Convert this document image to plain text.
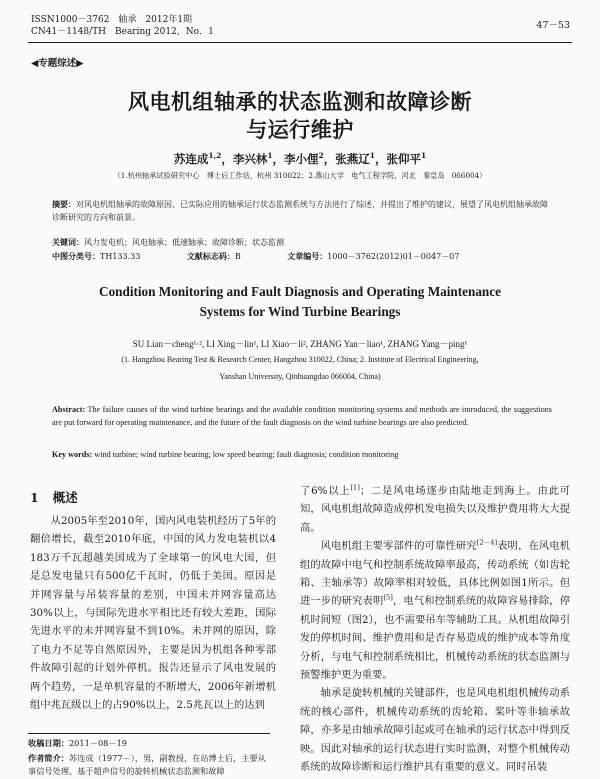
ISSN1000－3762　轴承　2012年1期
CN41－1148/TH　Bearing 2012，No．1
47－53
◀专题综述▶
风电机组轴承的状态监测和故障诊断
与运行维护
苏连成$^{1,2}$，李兴林$^1$，李小俚$^2$，张燕辽$^1$，张仰平$^1$
（1.杭州轴承试验研究中心　博士后工作站，杭州 310022；2.燕山大学　电气工程学院，河北　秦皇岛　066004）
摘要：对风电机组轴承的故障原因、已实际应用的轴承运行状态监测系统与方法进行了综述，并提出了维护的建议，展望了风电机组轴承故障诊断研究的方向和前景。
关键词：风力发电机；风电轴承；低速轴承；故障诊断；状态监测
中图分类号：TH133.33	文献标志码：B	文章编号：1000－3762(2012)01－0047－07
Condition Monitoring and Fault Diagnosis and Operating Maintenance
Systems for Wind Turbine Bearings
SU Lian－cheng¹·², LI Xing－lin¹, LI Xiao－li², ZHANG Yan－liao¹, ZHANG Yang－ping¹
(1. Hangzhou Bearing Test & Research Center, Hangzhou 310022, China; 2. Institute of Electrical Engineering,
Yanshan University, Qinhuangdao 066004, China)
Abstract: The failure causes of the wind turbine bearings and the available condition monitoring systems and methods are introduced, the suggestions are put forward for operating maintenance, and the future of the fault diagnosis on the wind turbine bearings are also predicted.
Key words: wind turbine; wind turbine bearing; low speed bearing; fault diagnosis; condition monitoring
1 概述

从2005年至2010年，国内风电装机经历了5年的翻倍增长，截至2010年底，中国的风力发电装机以4 183万千瓦超越美国成为了全球第一的风电大国，但是总发电量只有500亿千瓦时，仍低于美国。原因是并网容量与吊装容量的差别，中国未并网容量高达30%以上，与国际先进水平相比还有较大差距，国际先进水平的未并网容量不到10%。未并网的原因，除了电力不足等自然原因外，主要是因为机组各种零部件故障引起的计划外停机。报告还显示了风电发展的两个趋势，一是单机容量的不断增大，2006年新增机组中兆瓦级以上的占90%以上，2.5兆瓦以上的达到

收稿日期：2011－08－19
作者简介：苏连成（1977－），男，副教授，在站博士后，主要从事信号处理、基于超声信号的旋转机械状态监测和故障

了6%以上[1]；二是风电场逐步由陆地走到海上。由此可知，风电机组故障造成停机发电损失以及维护费用将大大提高。

风电机组主要零部件的可靠性研究[2－4]表明，在风电机组的故障中电气和控制系统故障率最高，传动系统（如齿轮箱、主轴承等）故障率相对较低，具体比例如图1所示。但进一步的研究表明[5]，电气和控制系统的故障容易排除，停机时间短（图2），也不需要吊车等辅助工具。从机组故障引发的停机时间、维护费用和是否存易造成的维护成本等角度分析，与电气和控制系统相比，机械传动系统的状态监测与预警维护更为重要。

轴承是旋转机械的关键部件，也是风电机组机械传动系统的核心部件，机械传动系统的齿轮箱、桨叶等非轴承故障，亦多是由轴承故障引起或可在轴承的运行状态中得到反映。因此对轴承的运行状态进行实时监测，对整个机械传动系统的故障诊断和运行维护具有重要的意义。同时吊装
